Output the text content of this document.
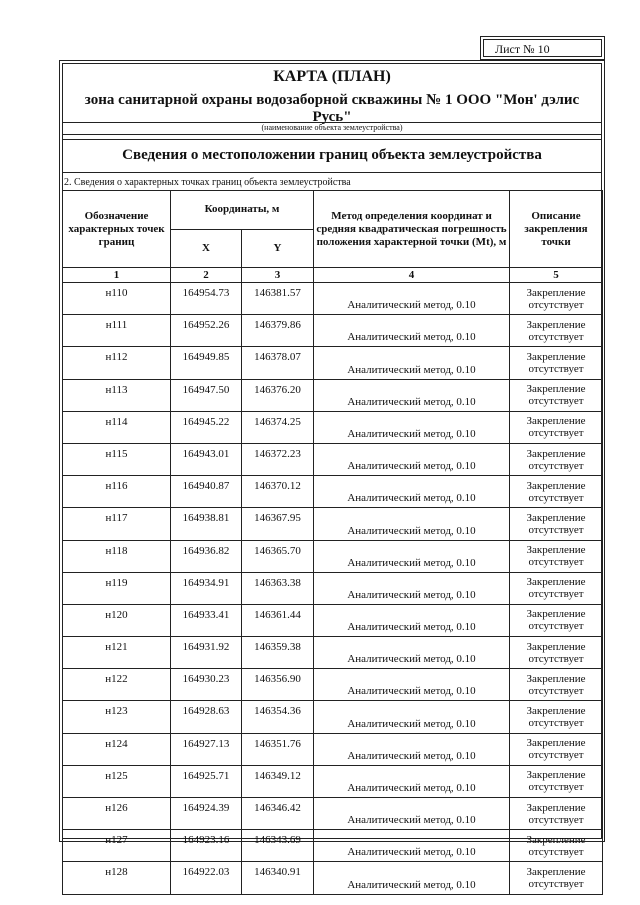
Лист № 10
КАРТА (ПЛАН)
зона санитарной охраны водозаборной скважины № 1 ООО "Мон' дэлис Русь"
(наименование объекта землеустройства)
Сведения о местоположении границ объекта землеустройства
2. Сведения о характерных точках границ объекта землеустройства
Обозначение характерных точек границ	Координаты, м		Метод определения координат и средняя квадратическая погрешность положения характерной точки (Mt), м	Описание закрепления точки
	X	Y		
1	2	3	4	5
н110	164954.73	146381.57	Аналитический метод, 0.10	Закрепление отсутствует
н111	164952.26	146379.86	Аналитический метод, 0.10	Закрепление отсутствует
н112	164949.85	146378.07	Аналитический метод, 0.10	Закрепление отсутствует
н113	164947.50	146376.20	Аналитический метод, 0.10	Закрепление отсутствует
н114	164945.22	146374.25	Аналитический метод, 0.10	Закрепление отсутствует
н115	164943.01	146372.23	Аналитический метод, 0.10	Закрепление отсутствует
н116	164940.87	146370.12	Аналитический метод, 0.10	Закрепление отсутствует
н117	164938.81	146367.95	Аналитический метод, 0.10	Закрепление отсутствует
н118	164936.82	146365.70	Аналитический метод, 0.10	Закрепление отсутствует
н119	164934.91	146363.38	Аналитический метод, 0.10	Закрепление отсутствует
н120	164933.41	146361.44	Аналитический метод, 0.10	Закрепление отсутствует
н121	164931.92	146359.38	Аналитический метод, 0.10	Закрепление отсутствует
н122	164930.23	146356.90	Аналитический метод, 0.10	Закрепление отсутствует
н123	164928.63	146354.36	Аналитический метод, 0.10	Закрепление отсутствует
н124	164927.13	146351.76	Аналитический метод, 0.10	Закрепление отсутствует
н125	164925.71	146349.12	Аналитический метод, 0.10	Закрепление отсутствует
н126	164924.39	146346.42	Аналитический метод, 0.10	Закрепление отсутствует
н127	164923.16	146343.69	Аналитический метод, 0.10	Закрепление отсутствует
н128	164922.03	146340.91	Аналитический метод, 0.10	Закрепление отсутствует
